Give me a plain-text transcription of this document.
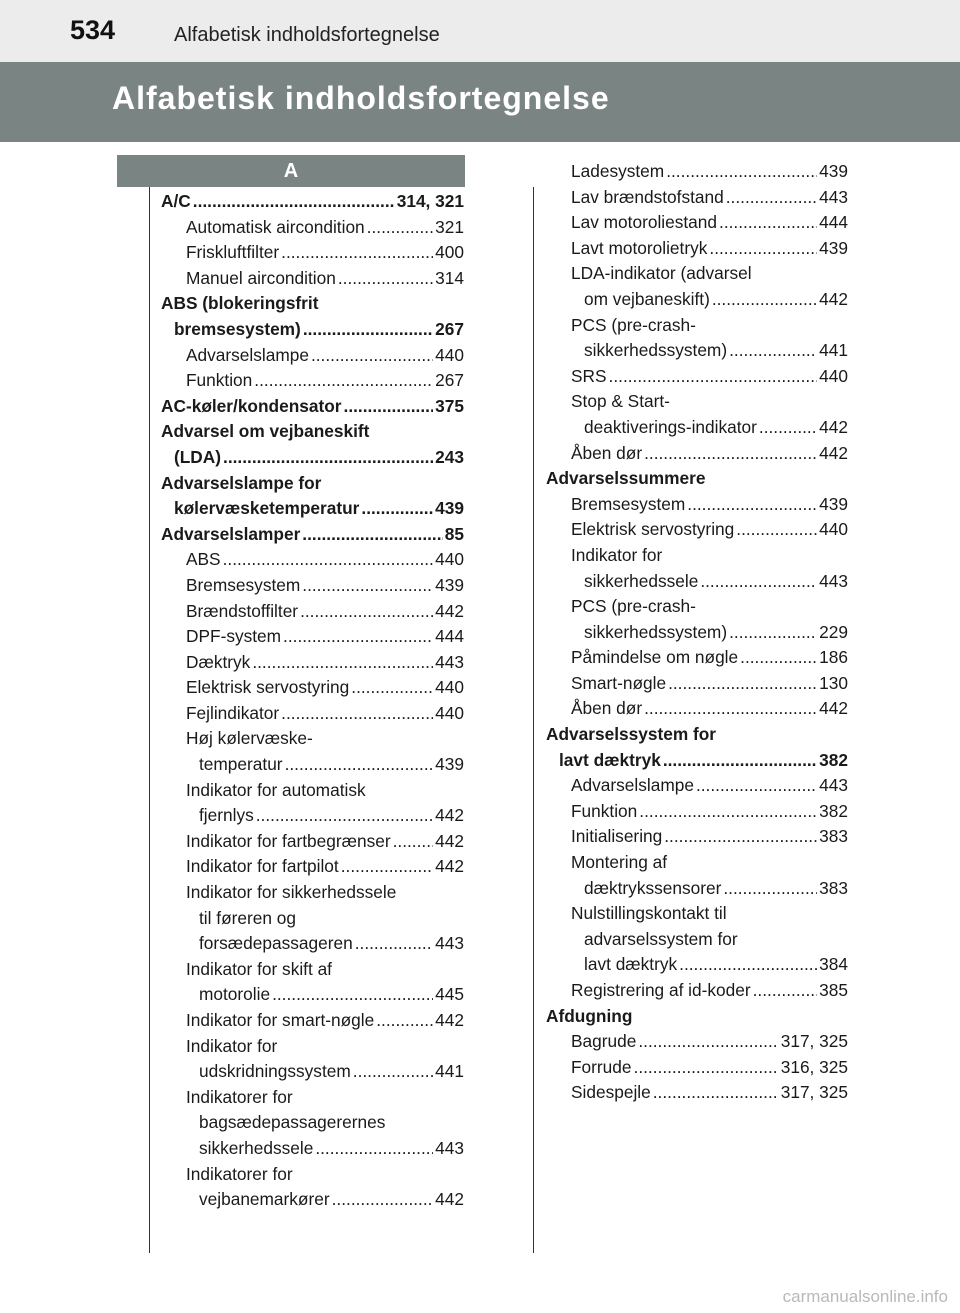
534	Alfabetisk indholdsfortegnelse
Alfabetisk indholdsfortegnelse
A
A/C .....	314, 321
Automatisk aircondition .....	321
Friskluftfilter .....	400
Manuel aircondition .....	314
ABS (blokeringsfrit
bremsesystem) .....	267
Advarselslampe .....	440
Funktion .....	267
AC-køler/kondensator .....	375
Advarsel om vejbaneskift
(LDA) .....	243
Advarselslampe for
kølervæsketemperatur .....	439
Advarselslamper .....	85
ABS .....	440
Bremsesystem .....	439
Brændstoffilter .....	442
DPF-system .....	444
Dæktryk .....	443
Elektrisk servostyring .....	440
Fejlindikator .....	440
Høj kølervæske-
temperatur .....	439
Indikator for automatisk
fjernlys .....	442
Indikator for fartbegrænser .....	442
Indikator for fartpilot .....	442
Indikator for sikkerhedssele
til føreren og
forsædepassageren .....	443
Indikator for skift af
motorolie .....	445
Indikator for smart-nøgle .....	442
Indikator for
udskridningssystem .....	441
Indikatorer for
bagsædepassagerernes
sikkerhedssele .....	443
Indikatorer for
vejbanemarkører .....	442
Ladesystem .....	439
Lav brændstofstand .....	443
Lav motoroliestand .....	444
Lavt motorolietryk .....	439
LDA-indikator (advarsel
om vejbaneskift) .....	442
PCS (pre-crash-
sikkerhedssystem) .....	441
SRS .....	440
Stop & Start-
deaktiverings-indikator .....	442
Åben dør .....	442
Advarselssummere
Bremsesystem .....	439
Elektrisk servostyring .....	440
Indikator for
sikkerhedssele .....	443
PCS (pre-crash-
sikkerhedssystem) .....	229
Påmindelse om nøgle .....	186
Smart-nøgle .....	130
Åben dør .....	442
Advarselssystem for
lavt dæktryk .....	382
Advarselslampe .....	443
Funktion .....	382
Initialisering .....	383
Montering af
dæktrykssensorer .....	383
Nulstillingskontakt til
advarselssystem for
lavt dæktryk .....	384
Registrering af id-koder .....	385
Afdugning
Bagrude .....	317, 325
Forrude .....	316, 325
Sidespejle .....	317, 325
carmanualsonline.info
